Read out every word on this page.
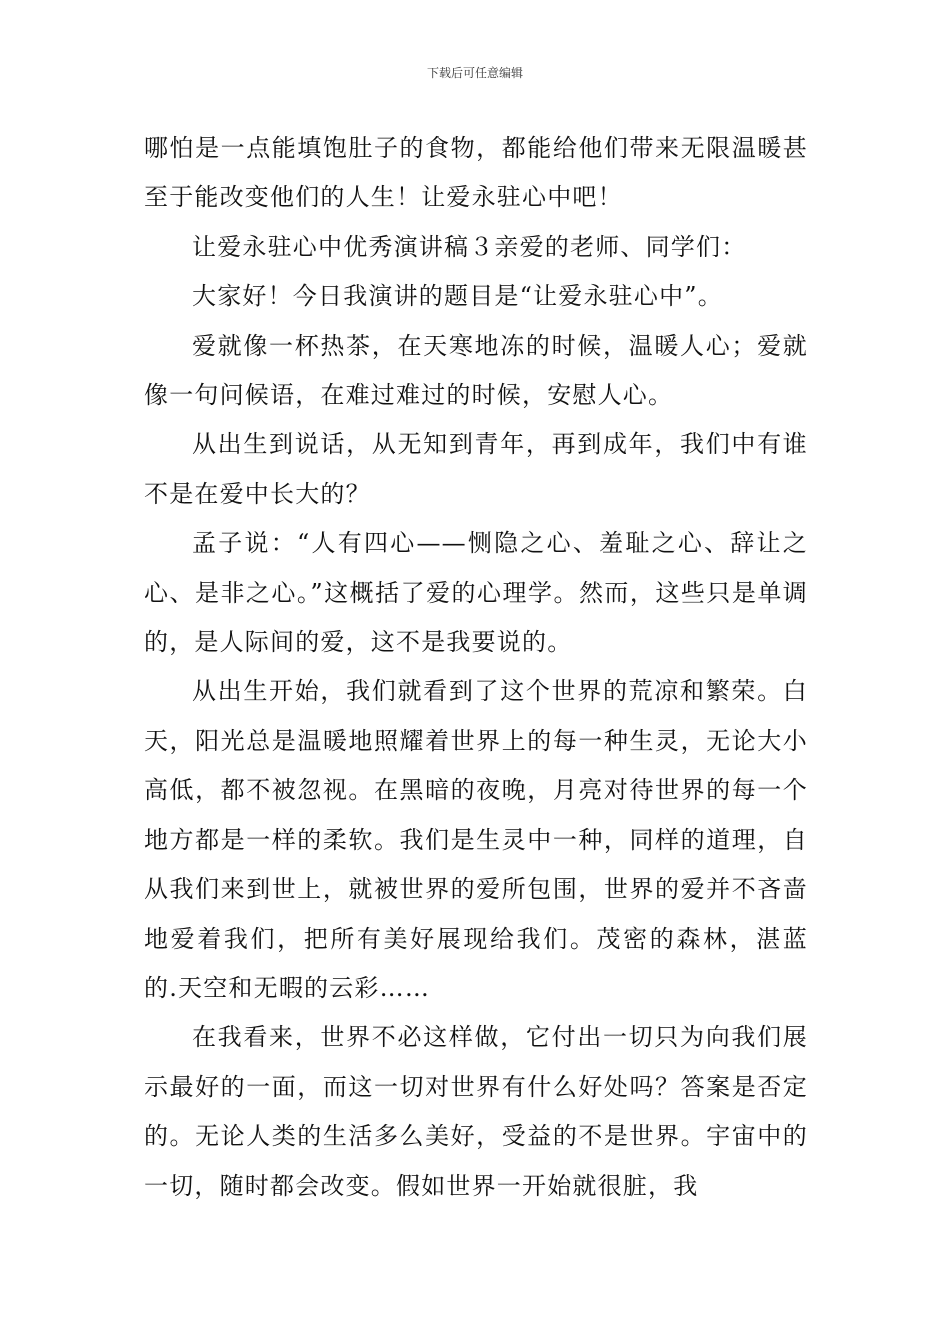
下载后可任意编辑

哪怕是一点能填饱肚子的食物，都能给他们带来无限温暖甚至于能改变他们的人生！让爱永驻心中吧！

让爱永驻心中优秀演讲稿３亲爱的老师、同学们：

大家好！今日我演讲的题目是“让爱永驻心中”。

爱就像一杯热茶，在天寒地冻的时候，温暖人心；爱就像一句问候语，在难过难过的时候，安慰人心。

从出生到说话，从无知到青年，再到成年，我们中有谁不是在爱中长大的？

孟子说：“人有四心——恻隐之心、羞耻之心、辞让之心、是非之心。”这概括了爱的心理学。然而，这些只是单调的，是人际间的爱，这不是我要说的。

从出生开始，我们就看到了这个世界的荒凉和繁荣。白天，阳光总是温暖地照耀着世界上的每一种生灵，无论大小高低，都不被忽视。在黑暗的夜晚，月亮对待世界的每一个地方都是一样的柔软。我们是生灵中一种，同样的道理，自从我们来到世上，就被世界的爱所包围，世界的爱并不吝啬地爱着我们，把所有美好展现给我们。茂密的森林，湛蓝的.天空和无暇的云彩……

在我看来，世界不必这样做，它付出一切只为向我们展示最好的一面，而这一切对世界有什么好处吗？答案是否定的。无论人类的生活多么美好，受益的不是世界。宇宙中的一切，随时都会改变。假如世界一开始就很脏，我
